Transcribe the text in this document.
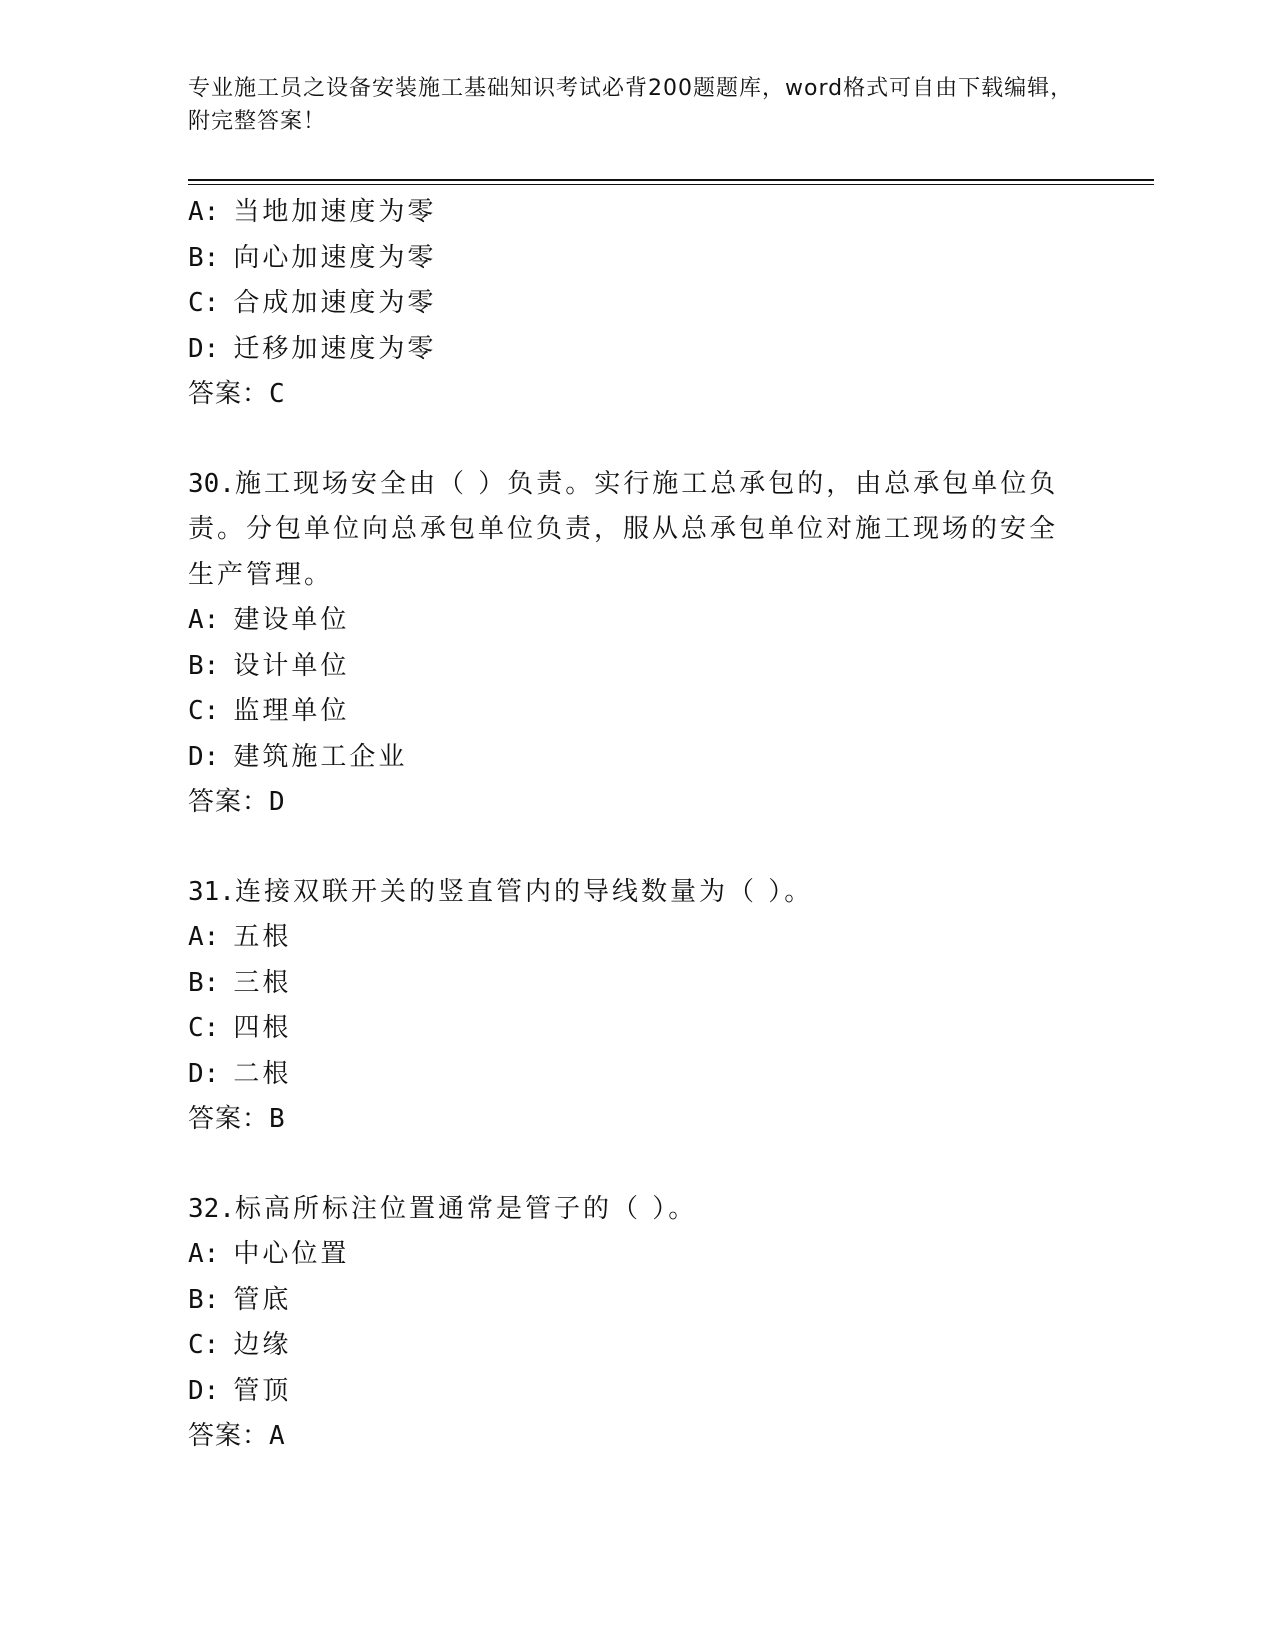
专业施工员之设备安装施工基础知识考试必背200题题库，word格式可自由下载编辑，附完整答案！
A: 当地加速度为零
B: 向心加速度为零
C: 合成加速度为零
D: 迁移加速度为零
答案：C
30.施工现场安全由（ ）负责。实行施工总承包的，由总承包单位负
责。分包单位向总承包单位负责，服从总承包单位对施工现场的安全
生产管理。
A: 建设单位
B: 设计单位
C: 监理单位
D: 建筑施工企业
答案：D
31.连接双联开关的竖直管内的导线数量为（ ）。
A: 五根
B: 三根
C: 四根
D: 二根
答案：B
32.标高所标注位置通常是管子的（ ）。
A: 中心位置
B: 管底
C: 边缘
D: 管顶
答案：A
